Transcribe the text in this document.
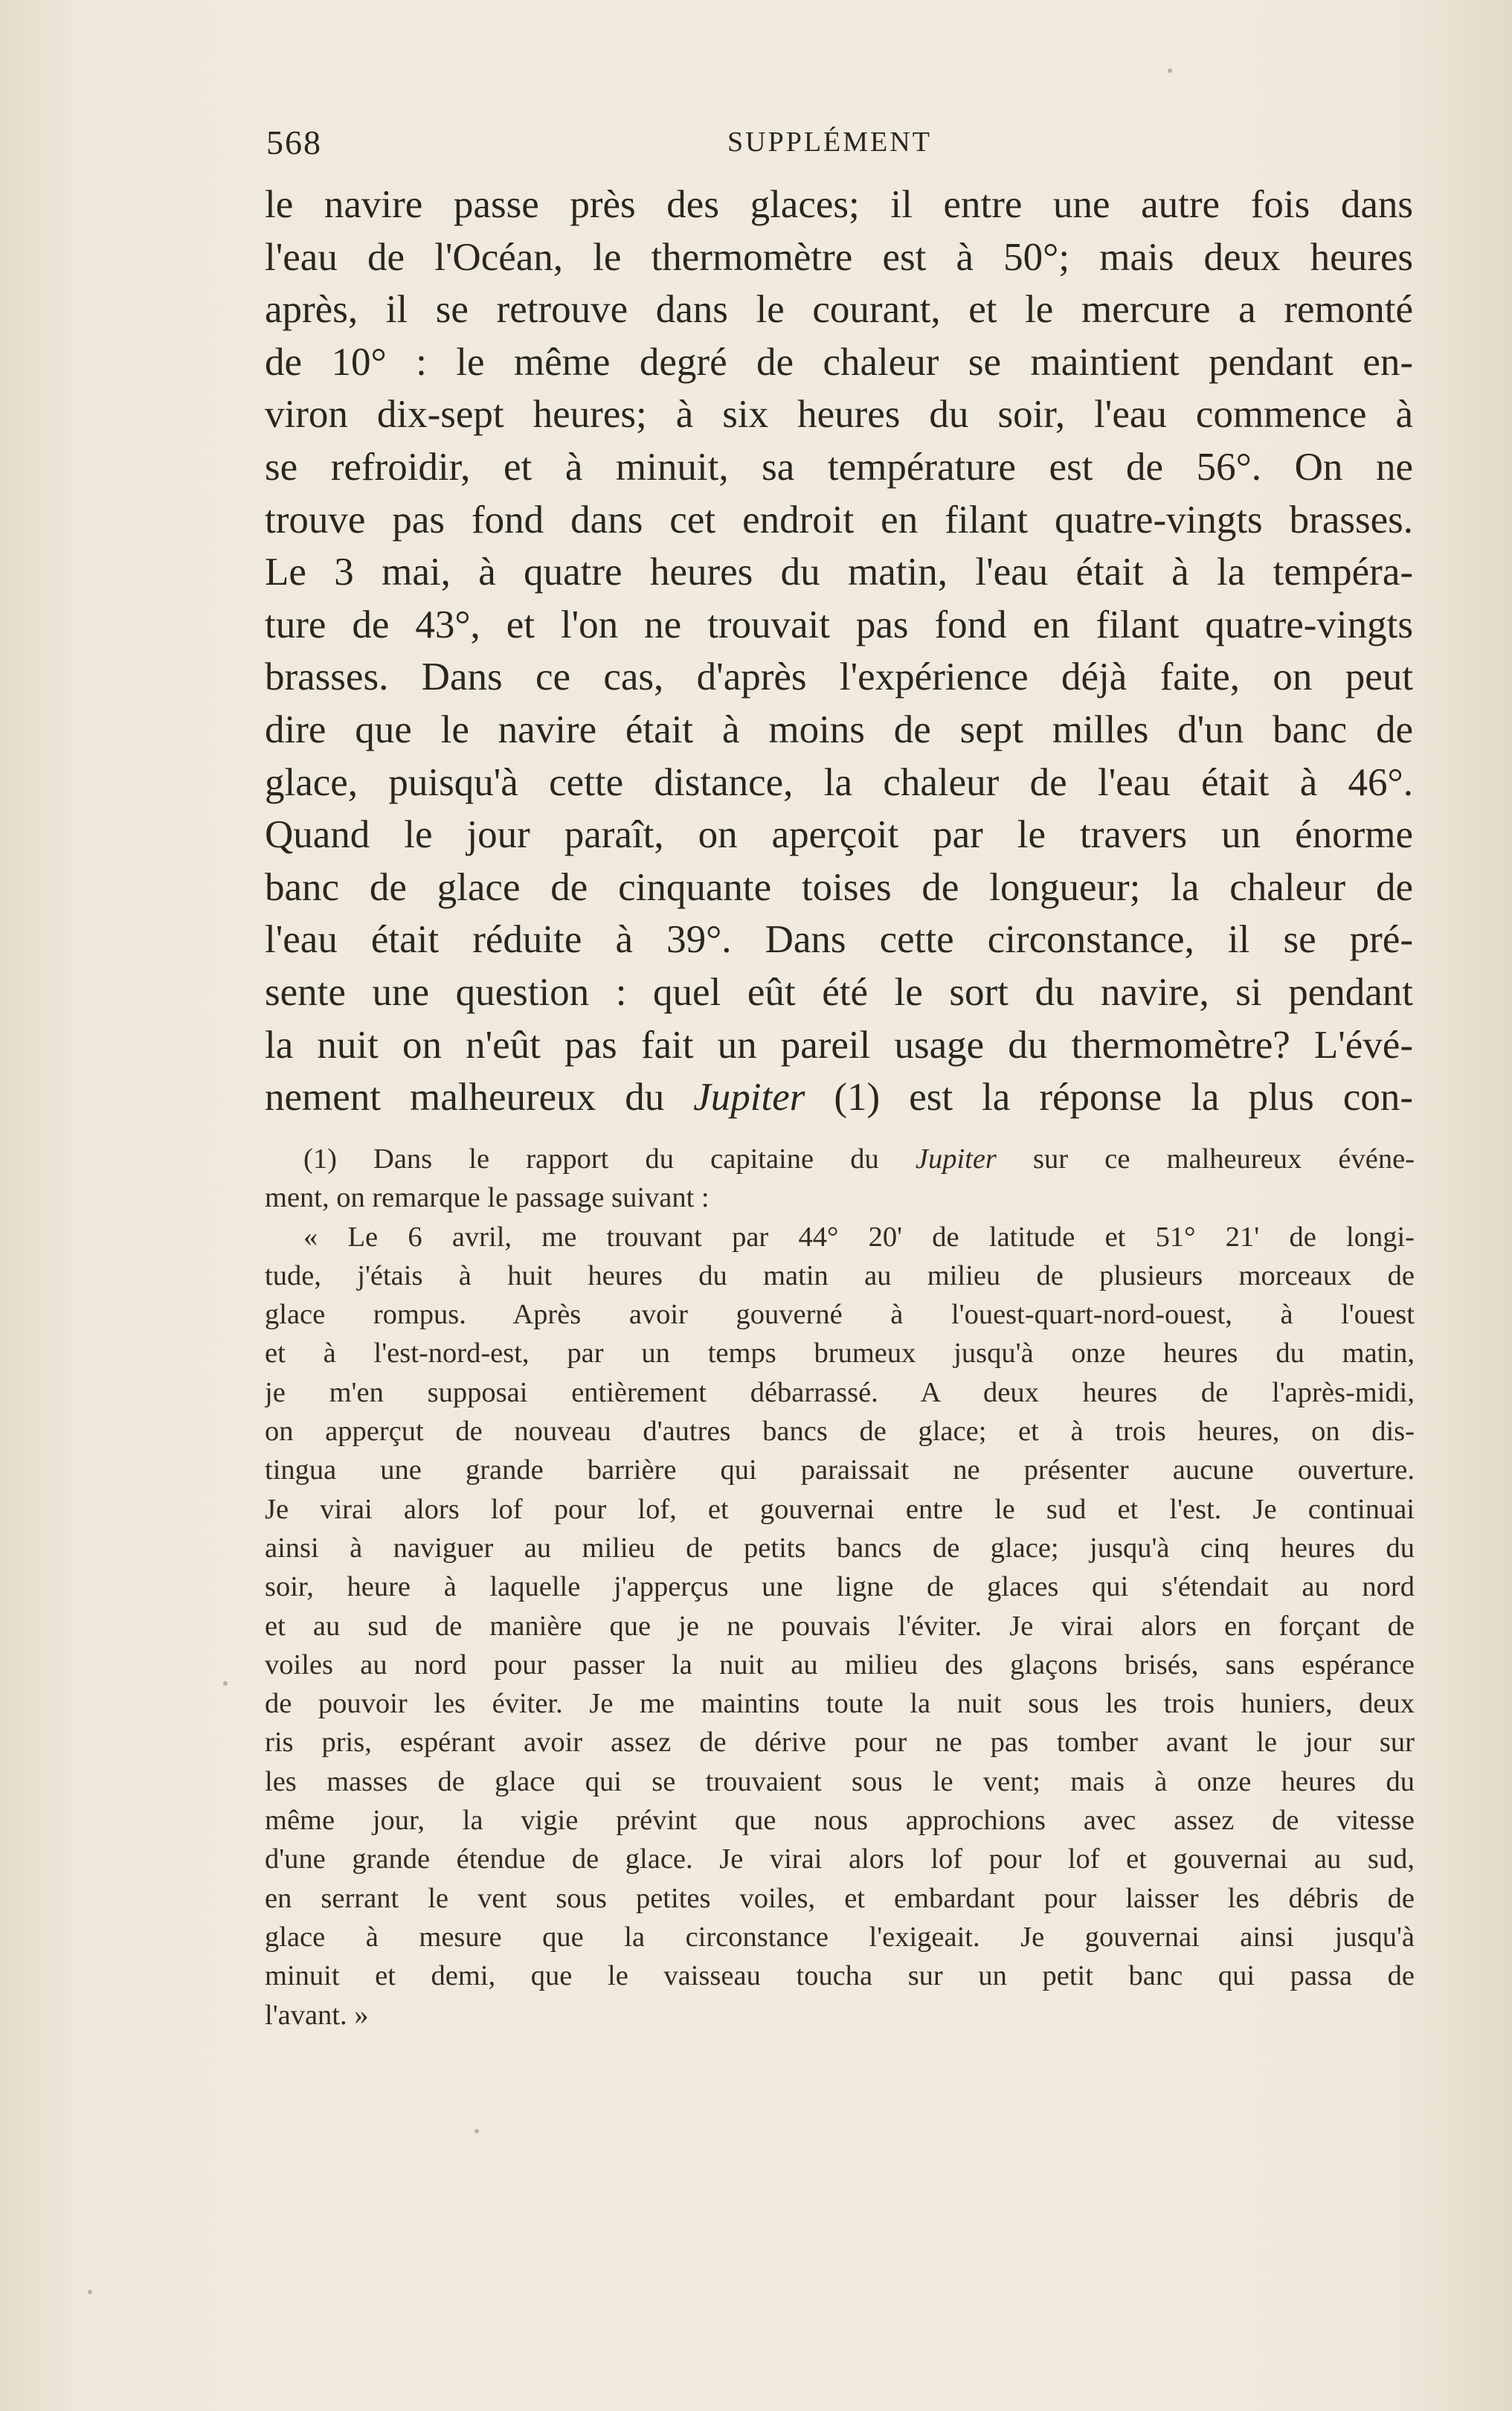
568	SUPPLÉMENT
le navire passe près des glaces; il entre une autre fois dans
l'eau de l'Océan, le thermomètre est à 50°; mais deux heures
après, il se retrouve dans le courant, et le mercure a remonté
de 10° : le même degré de chaleur se maintient pendant en-
viron dix-sept heures; à six heures du soir, l'eau commence à
se refroidir, et à minuit, sa température est de 56°. On ne
trouve pas fond dans cet endroit en filant quatre-vingts brasses.
Le 3 mai, à quatre heures du matin, l'eau était à la tempéra-
ture de 43°, et l'on ne trouvait pas fond en filant quatre-vingts
brasses. Dans ce cas, d'après l'expérience déjà faite, on peut
dire que le navire était à moins de sept milles d'un banc de
glace, puisqu'à cette distance, la chaleur de l'eau était à 46°.
Quand le jour paraît, on aperçoit par le travers un énorme
banc de glace de cinquante toises de longueur; la chaleur de
l'eau était réduite à 39°. Dans cette circonstance, il se pré-
sente une question : quel eût été le sort du navire, si pendant
la nuit on n'eût pas fait un pareil usage du thermomètre? L'évé-
nement malheureux du Jupiter (1) est la réponse la plus con-
(1) Dans le rapport du capitaine du Jupiter sur ce malheureux événe-
ment, on remarque le passage suivant :
« Le 6 avril, me trouvant par 44° 20' de latitude et 51° 21' de longi-
tude, j'étais à huit heures du matin au milieu de plusieurs morceaux de
glace rompus. Après avoir gouverné à l'ouest-quart-nord-ouest, à l'ouest
et à l'est-nord-est, par un temps brumeux jusqu'à onze heures du matin,
je m'en supposai entièrement débarrassé. A deux heures de l'après-midi,
on apperçut de nouveau d'autres bancs de glace; et à trois heures, on dis-
tingua une grande barrière qui paraissait ne présenter aucune ouverture.
Je virai alors lof pour lof, et gouvernai entre le sud et l'est. Je continuai
ainsi à naviguer au milieu de petits bancs de glace; jusqu'à cinq heures du
soir, heure à laquelle j'apperçus une ligne de glaces qui s'étendait au nord
et au sud de manière que je ne pouvais l'éviter. Je virai alors en forçant de
voiles au nord pour passer la nuit au milieu des glaçons brisés, sans espérance
de pouvoir les éviter. Je me maintins toute la nuit sous les trois huniers, deux
ris pris, espérant avoir assez de dérive pour ne pas tomber avant le jour sur
les masses de glace qui se trouvaient sous le vent; mais à onze heures du
même jour, la vigie prévint que nous approchions avec assez de vitesse
d'une grande étendue de glace. Je virai alors lof pour lof et gouvernai au sud,
en serrant le vent sous petites voiles, et embardant pour laisser les débris de
glace à mesure que la circonstance l'exigeait. Je gouvernai ainsi jusqu'à
minuit et demi, que le vaisseau toucha sur un petit banc qui passa de
l'avant. »
